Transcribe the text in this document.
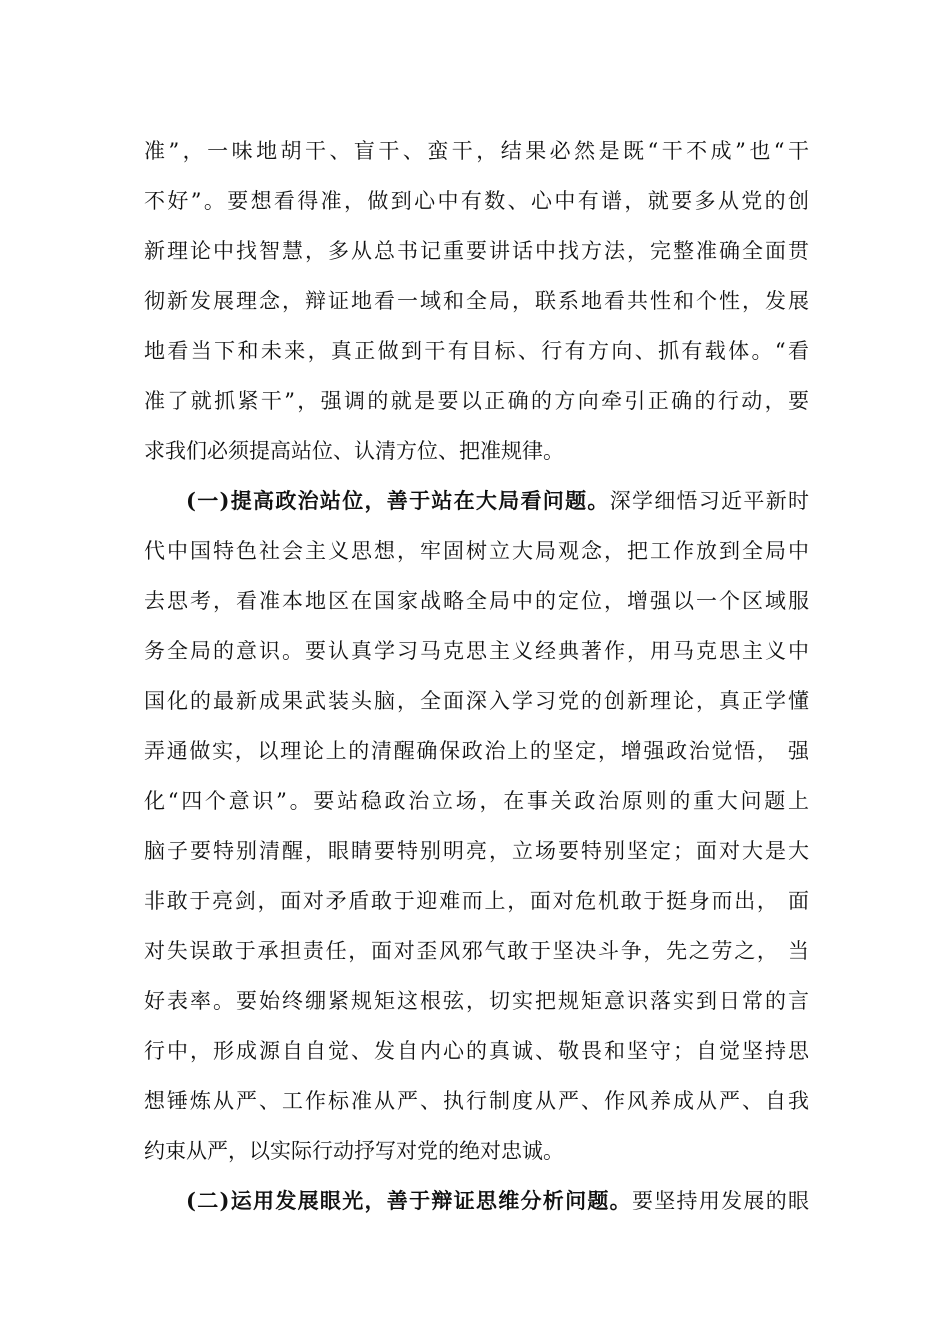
准”，一味地胡干、盲干、蛮干，结果必然是既“干不成”也“干
不好”。要想看得准，做到心中有数、心中有谱，就要多从党的创
新理论中找智慧，多从总书记重要讲话中找方法，完整准确全面贯
彻新发展理念，辩证地看一域和全局，联系地看共性和个性，发展
地看当下和未来，真正做到干有目标、行有方向、抓有载体。“看
准了就抓紧干”，强调的就是要以正确的方向牵引正确的行动，要
求我们必须提高站位、认清方位、把准规律。
(一)提高政治站位，善于站在大局看问题。深学细悟习近平新时
代中国特色社会主义思想，牢固树立大局观念，把工作放到全局中
去思考，看准本地区在国家战略全局中的定位，增强以一个区域服
务全局的意识。要认真学习马克思主义经典著作，用马克思主义中
国化的最新成果武装头脑，全面深入学习党的创新理论，真正学懂
弄通做实，以理论上的清醒确保政治上的坚定，增强政治觉悟， 强
化“四个意识”。要站稳政治立场，在事关政治原则的重大问题上
脑子要特别清醒，眼睛要特别明亮，立场要特别坚定；面对大是大
非敢于亮剑，面对矛盾敢于迎难而上，面对危机敢于挺身而出， 面
对失误敢于承担责任，面对歪风邪气敢于坚决斗争，先之劳之， 当
好表率。要始终绷紧规矩这根弦，切实把规矩意识落实到日常的言
行中，形成源自自觉、发自内心的真诚、敬畏和坚守；自觉坚持思
想锤炼从严、工作标准从严、执行制度从严、作风养成从严、自我
约束从严，以实际行动抒写对党的绝对忠诚。
(二)运用发展眼光，善于辩证思维分析问题。要坚持用发展的眼
